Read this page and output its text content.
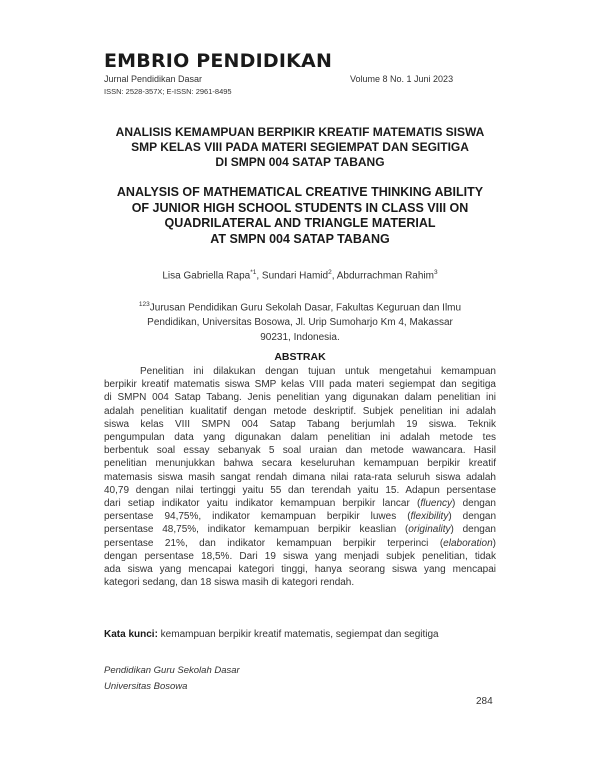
EMBRIO PENDIDIKAN
Jurnal Pendidikan Dasar	Volume 8 No. 1 Juni 2023
ISSN: 2528-357X; E-ISSN: 2961-8495
ANALISIS KEMAMPUAN BERPIKIR KREATIF MATEMATIS SISWA
SMP KELAS VIII PADA MATERI SEGIEMPAT DAN SEGITIGA
DI SMPN 004 SATAP TABANG
ANALYSIS OF MATHEMATICAL CREATIVE THINKING ABILITY
OF JUNIOR HIGH SCHOOL STUDENTS IN CLASS VIII ON
QUADRILATERAL AND TRIANGLE MATERIAL
AT SMPN 004 SATAP TABANG
Lisa Gabriella Rapa$^{*1}$, Sundari Hamid$^2$, Abdurrachman Rahim$^3$
$^{123}$Jurusan Pendidikan Guru Sekolah Dasar, Fakultas Keguruan dan Ilmu
Pendidikan, Universitas Bosowa, Jl. Urip Sumoharjo Km 4, Makassar
90231, Indonesia.
ABSTRAK
Penelitian ini dilakukan dengan tujuan untuk mengetahui kemampuan
berpikir kreatif matematis siswa SMP kelas VIII pada materi segiempat dan segitiga
di SMPN 004 Satap Tabang. Jenis penelitian yang digunakan dalam penelitian ini
adalah penelitian kualitatif dengan metode deskriptif. Subjek penelitian ini adalah
siswa kelas VIII SMPN 004 Satap Tabang berjumlah 19 siswa. Teknik
pengumpulan data yang digunakan dalam penelitian ini adalah metode tes
berbentuk soal essay sebanyak 5 soal uraian dan metode wawancara. Hasil
penelitian menunjukkan bahwa secara keseluruhan kemampuan berpikir kreatif
matemasis siswa masih sangat rendah dimana nilai rata-rata seluruh siswa adalah
40,79 dengan nilai tertinggi yaitu 55 dan terendah yaitu 15. Adapun persentase
dari setiap indikator yaitu indikator kemampuan berpikir lancar (fluency) dengan
persentase 94,75%, indikator kemampuan berpikir luwes (flexibility) dengan
persentase 48,75%, indikator kemampuan berpikir keaslian (originality) dengan
persentase 21%, dan indikator kemampuan berpikir terperinci (elaboration)
dengan persentase 18,5%. Dari 19 siswa yang menjadi subjek penelitian, tidak
ada siswa yang mencapai kategori tinggi, hanya seorang siswa yang mencapai
kategori sedang, dan 18 siswa masih di kategori rendah.
Kata kunci: kemampuan berpikir kreatif matematis, segiempat dan segitiga
Pendidikan Guru Sekolah Dasar
Universitas Bosowa
284
